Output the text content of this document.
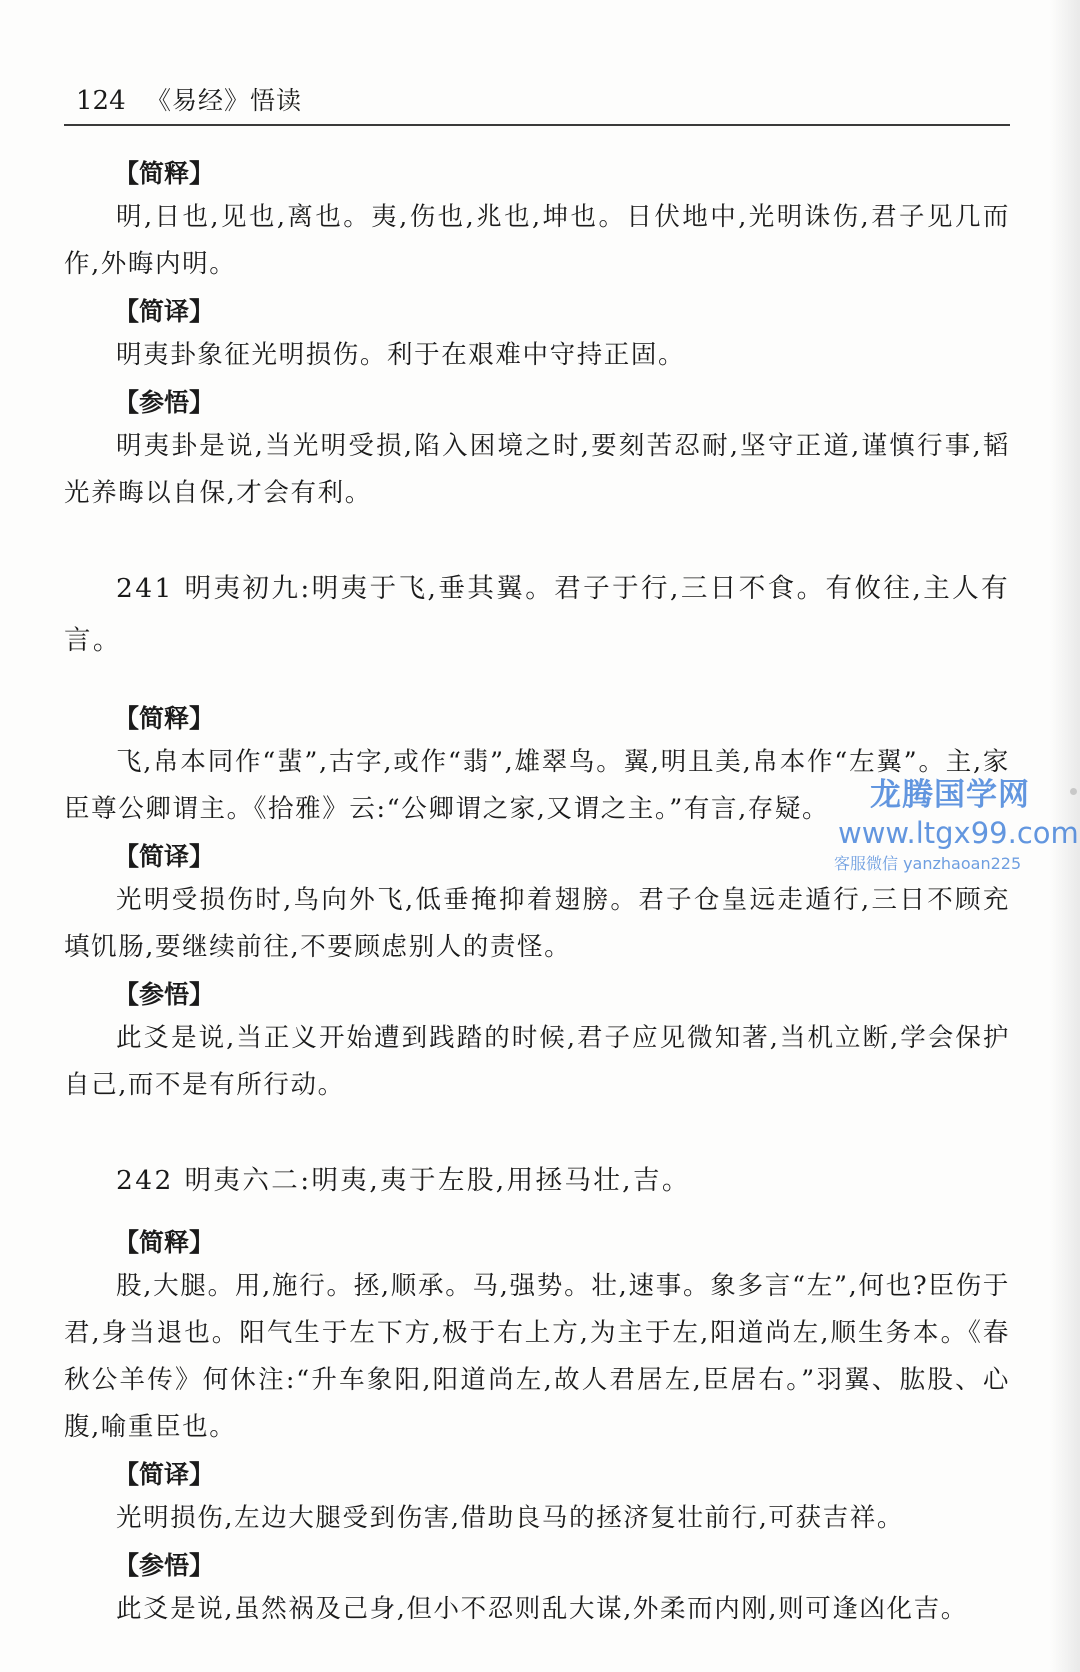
124 《易经》悟读

【简释】

明,日也,见也,离也。夷,伤也,兆也,坤也。日伏地中,光明诛伤,君子见几而作,外晦内明。

【简译】

明夷卦象征光明损伤。利于在艰难中守持正固。

【参悟】

明夷卦是说,当光明受损,陷入困境之时,要刻苦忍耐,坚守正道,谨慎行事,韬光养晦以自保,才会有利。

241 明夷初九:明夷于飞,垂其翼。君子于行,三日不食。有攸往,主人有言。

【简释】

飞,帛本同作“蜚”,古字,或作“翡”,雄翠鸟。翼,明且美,帛本作“左翼”。主,家臣尊公卿谓主。《拾雅》云:“公卿谓之家,又谓之主。”有言,存疑。

【简译】

光明受损伤时,鸟向外飞,低垂掩抑着翅膀。君子仓皇远走遁行,三日不顾充填饥肠,要继续前往,不要顾虑别人的责怪。

【参悟】

此爻是说,当正义开始遭到践踏的时候,君子应见微知著,当机立断,学会保护自己,而不是有所行动。

242 明夷六二:明夷,夷于左股,用拯马壮,吉。

【简释】

股,大腿。用,施行。拯,顺承。马,强势。壮,速事。象多言“左”,何也?臣伤于君,身当退也。阳气生于左下方,极于右上方,为主于左,阳道尚左,顺生务本。《春秋公羊传》何休注:“升车象阳,阳道尚左,故人君居左,臣居右。”羽翼、肱股、心腹,喻重臣也。

【简译】

光明损伤,左边大腿受到伤害,借助良马的拯济复壮前行,可获吉祥。

【参悟】

此爻是说,虽然祸及己身,但小不忍则乱大谋,外柔而内刚,则可逢凶化吉。

龙腾国学网
www.ltgx99.com
客服微信 yanzhaoan225
